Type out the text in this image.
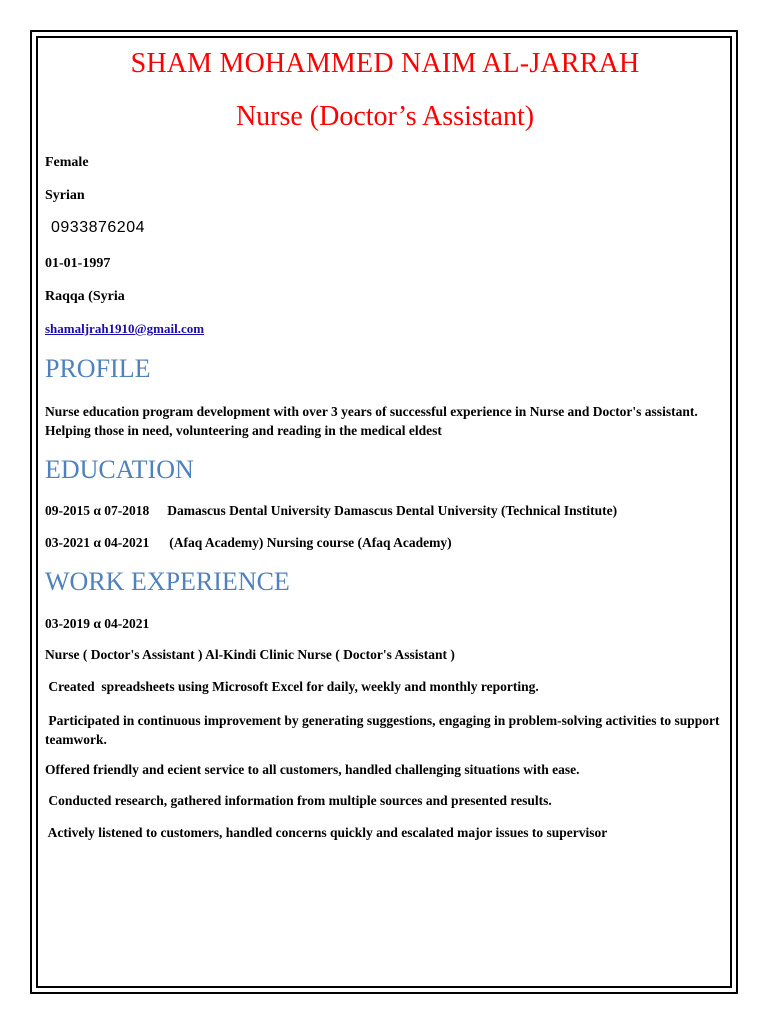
SHAM MOHAMMED NAIM AL-JARRAH
Nurse (Doctor’s Assistant)
Female
Syrian
0933876204
01-01-1997
Raqqa (Syria
shamaljrah1910@gmail.com
PROFILE
Nurse education program development with over 3 years of successful experience in Nurse and Doctor's assistant. Helping those in need, volunteering and reading in the medical eldest
EDUCATION
09-2015 α 07-2018 Damascus Dental University Damascus Dental University (Technical Institute)
03-2021 α 04-2021 (Afaq Academy) Nursing course (Afaq Academy)
WORK EXPERIENCE
03-2019 α 04-2021
Nurse ( Doctor's Assistant ) Al-Kindi Clinic Nurse ( Doctor's Assistant )
Created  spreadsheets using Microsoft Excel for daily, weekly and monthly reporting.
Participated in continuous improvement by generating suggestions, engaging in problem-solving activities to support teamwork.
Offered friendly and ecient service to all customers, handled challenging situations with ease.
Conducted research, gathered information from multiple sources and presented results.
Actively listened to customers, handled concerns quickly and escalated major issues to supervisor
